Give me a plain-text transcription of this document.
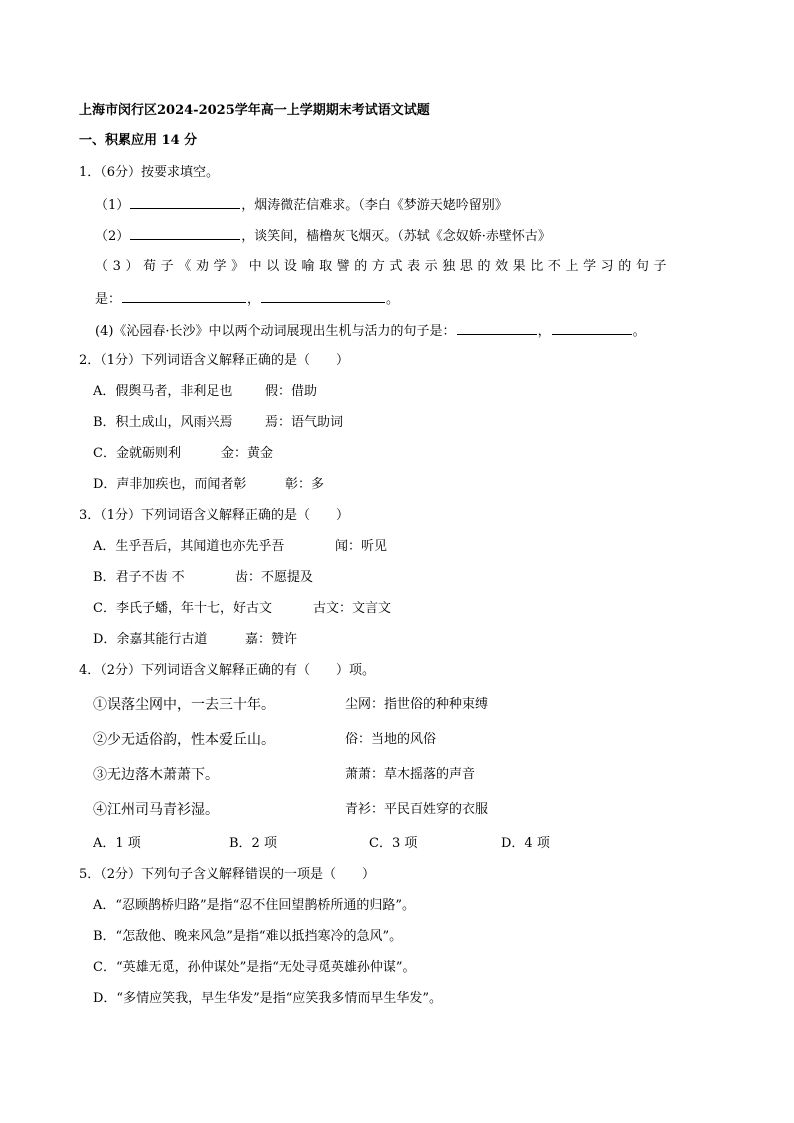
上海市闵行区2024-2025学年高一上学期期末考试语文试题
一、积累应用 14 分
1．（6分）按要求填空。
（1）	，烟涛微茫信难求。（李白《梦游天姥吟留别》
（2）	，谈笑间，樯橹灰飞烟灭。（苏轼《念奴娇·赤壁怀古》
（3）荀子《劝学》中以设喻取譬的方式表示独思的效果比不上学习的句子
是：	，	。
(4)《沁园春·长沙》中以两个动词展现出生机与活力的句子是：	，	。
2．（1分）下列词语含义解释正确的是（　　）
A．假舆马者，非利足也	假：借助
B．积土成山，风雨兴焉 焉：语气助词
C．金就砺则利	金：黄金
D．声非加疾也，而闻者彰	彰：多
3．（1分）下列词语含义解释正确的是（　　）
A．生乎吾后，其闻道也亦先乎吾	闻：听见
B．君子不齿 不	齿：不愿提及
C．李氏子蟠，年十七，好古文	古文：文言文
D．余嘉其能行古道	嘉：赞许
4．（2分）下列词语含义解释正确的有（　　）项。
①误落尘网中，一去三十年。	尘网：指世俗的种种束缚
②少无适俗韵，性本爱丘山。	俗：当地的风俗
③无边落木萧萧下。	萧萧：草木摇落的声音
④江州司马青衫湿。	青衫：平民百姓穿的衣服
A．1 项	B．2 项	C．3 项	D．4 项
5．（2分）下列句子含义解释错误的一项是（　　）
A．“忍顾鹊桥归路”是指“忍不住回望鹊桥所通的归路”。
B．“怎敌他、晚来风急”是指“难以抵挡寒冷的急风”。
C．“英雄无觅，孙仲谋处”是指“无处寻觅英雄孙仲谋”。
D．“多情应笑我，早生华发”是指“应笑我多情而早生华发”。
